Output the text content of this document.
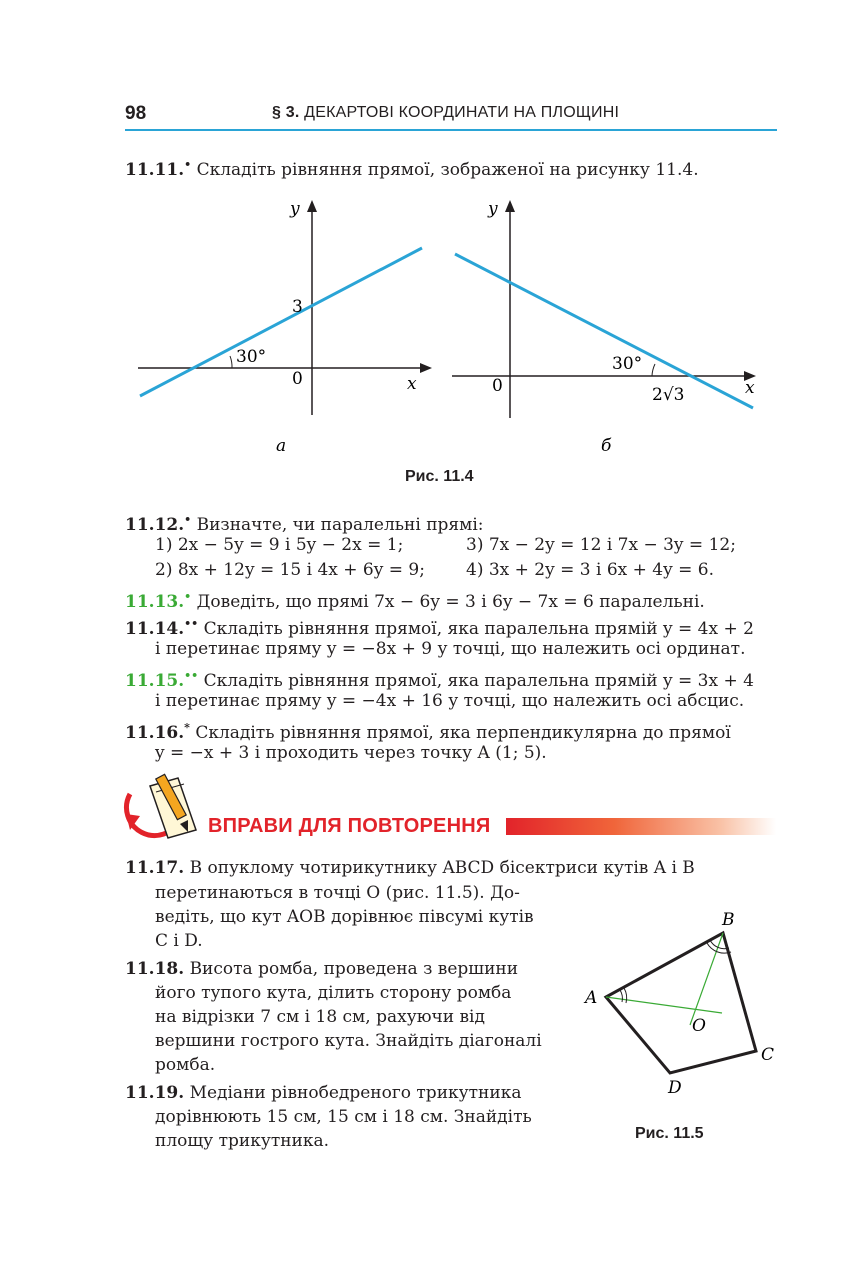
98	§ 3. ДЕКАРТОВІ КООРДИНАТИ НА ПЛОЩИНІ
11.11.• Складіть рівняння прямої, зображеної на рисунку 11.4.
30°
0
3
x
y
а
30°
0	2√3	x
y
б
Рис. 11.4
11.12.• Визначте, чи паралельні прямі:
1) 2x − 5y = 9 і 5y − 2x = 1;	3) 7x − 2y = 12 і 7x − 3y = 12;
2) 8x + 12y = 15 і 4x + 6y = 9; 4) 3x + 2y = 3 і 6x + 4y = 6.
11.13.• Доведіть, що прямі 7x − 6y = 3 і 6y − 7x = 6 паралельні.
11.14.•• Складіть рівняння прямої, яка паралельна прямій y = 4x + 2
і перетинає пряму y = −8x + 9 у точці, що належить осі ординат.
11.15.•• Складіть рівняння прямої, яка паралельна прямій y = 3x + 4
і перетинає пряму y = −4x + 16 у точці, що належить осі абсцис.
11.16.* Складіть рівняння прямої, яка перпендикулярна до прямої
y = −x + 3 і проходить через точку A (1; 5).
ВПРАВИ ДЛЯ ПОВТОРЕННЯ
11.17. В опуклому чотирикутнику ABCD бісектриси кутів A і B
перетинаються в точці O (рис. 11.5). До-
ведіть, що кут AOB дорівнює півсумі кутів
C і D.
11.18. Висота ромба, проведена з вершини
його тупого кута, ділить сторону ромба
на відрізки 7 см і 18 см, рахуючи від
вершини гострого кута. Знайдіть діагоналі
ромба.
11.19. Медіани рівнобедреного трикутника
дорівнюють 15 см, 15 см і 18 см. Знайдіть
площу трикутника.
A
B
C
D
O
Рис. 11.5
